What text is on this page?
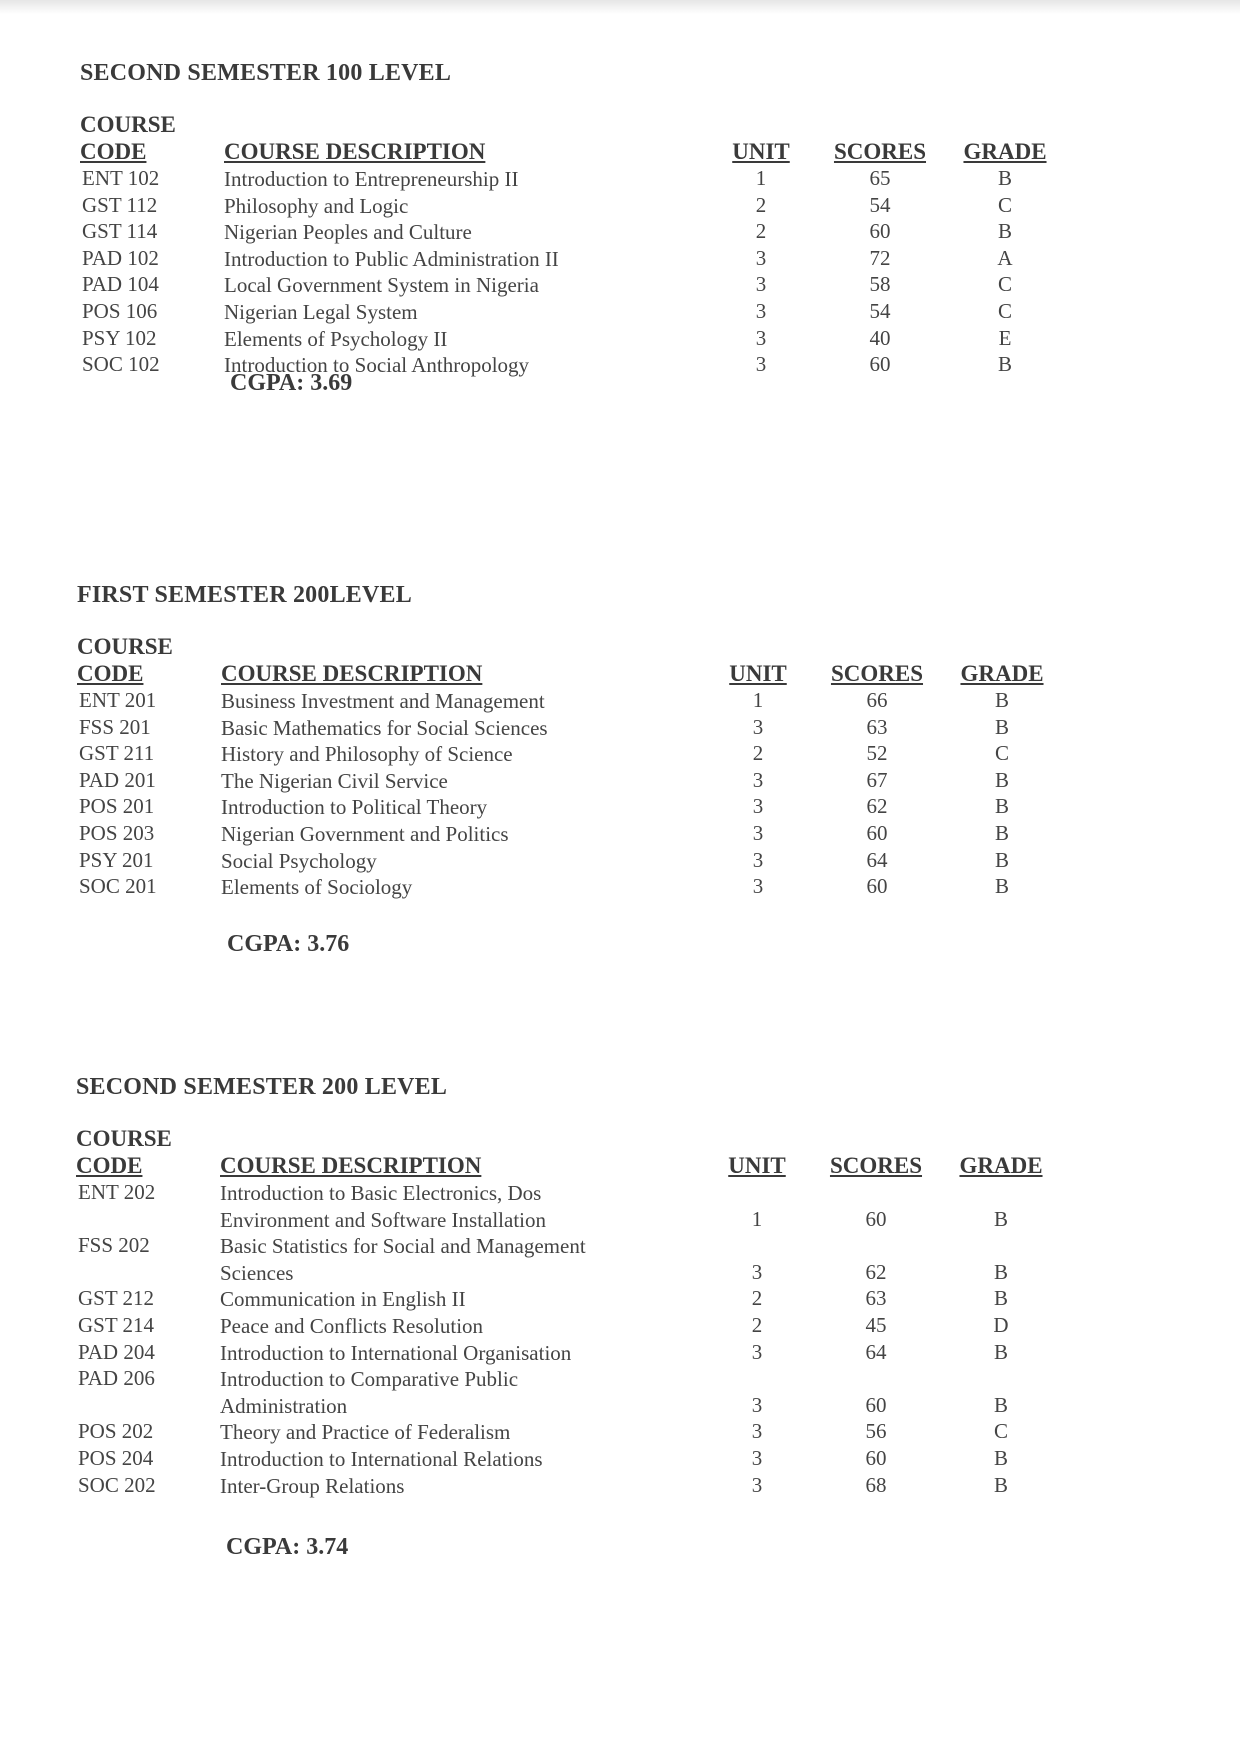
SECOND SEMESTER 100 LEVEL
COURSE
CODE	COURSE DESCRIPTION	UNIT SCORES GRADE
ENT 102	Introduction to Entrepreneurship II	1	65	B
GST 112	Philosophy and Logic	2	54	C
GST 114	Nigerian Peoples and Culture	2	60	B
PAD 102	Introduction to Public Administration II	3	72	A
PAD 104	Local Government System in Nigeria	3	58	C
POS 106	Nigerian Legal System	3	54	C
PSY 102	Elements of Psychology II	3	40	E
SOC 102	Introduction to Social Anthropology	3	60	B
CGPA: 3.69
FIRST SEMESTER 200LEVEL
COURSE
CODE	COURSE DESCRIPTION	UNIT SCORES GRADE
ENT 201	Business Investment and Management	1	66	B
FSS 201	Basic Mathematics for Social Sciences	3	63	B
GST 211	History and Philosophy of Science	2	52	C
PAD 201	The Nigerian Civil Service	3	67	B
POS 201	Introduction to Political Theory	3	62	B
POS 203	Nigerian Government and Politics	3	60	B
PSY 201	Social Psychology	3	64	B
SOC 201	Elements of Sociology	3	60	B
CGPA: 3.76
SECOND SEMESTER 200 LEVEL
COURSE
CODE	COURSE DESCRIPTION	UNIT SCORES GRADE
ENT 202	Introduction to Basic Electronics, Dos
Environment and Software Installation	1	60	B
FSS 202	Basic Statistics for Social and Management
Sciences	3	62	B
GST 212	Communication in English II	2	63	B
GST 214	Peace and Conflicts Resolution	2	45	D
PAD 204	Introduction to International Organisation	3	64	B
PAD 206	Introduction to Comparative Public
Administration	3	60	B
POS 202	Theory and Practice of Federalism	3	56	C
POS 204	Introduction to International Relations	3	60	B
SOC 202	Inter-Group Relations	3	68	B
CGPA: 3.74
